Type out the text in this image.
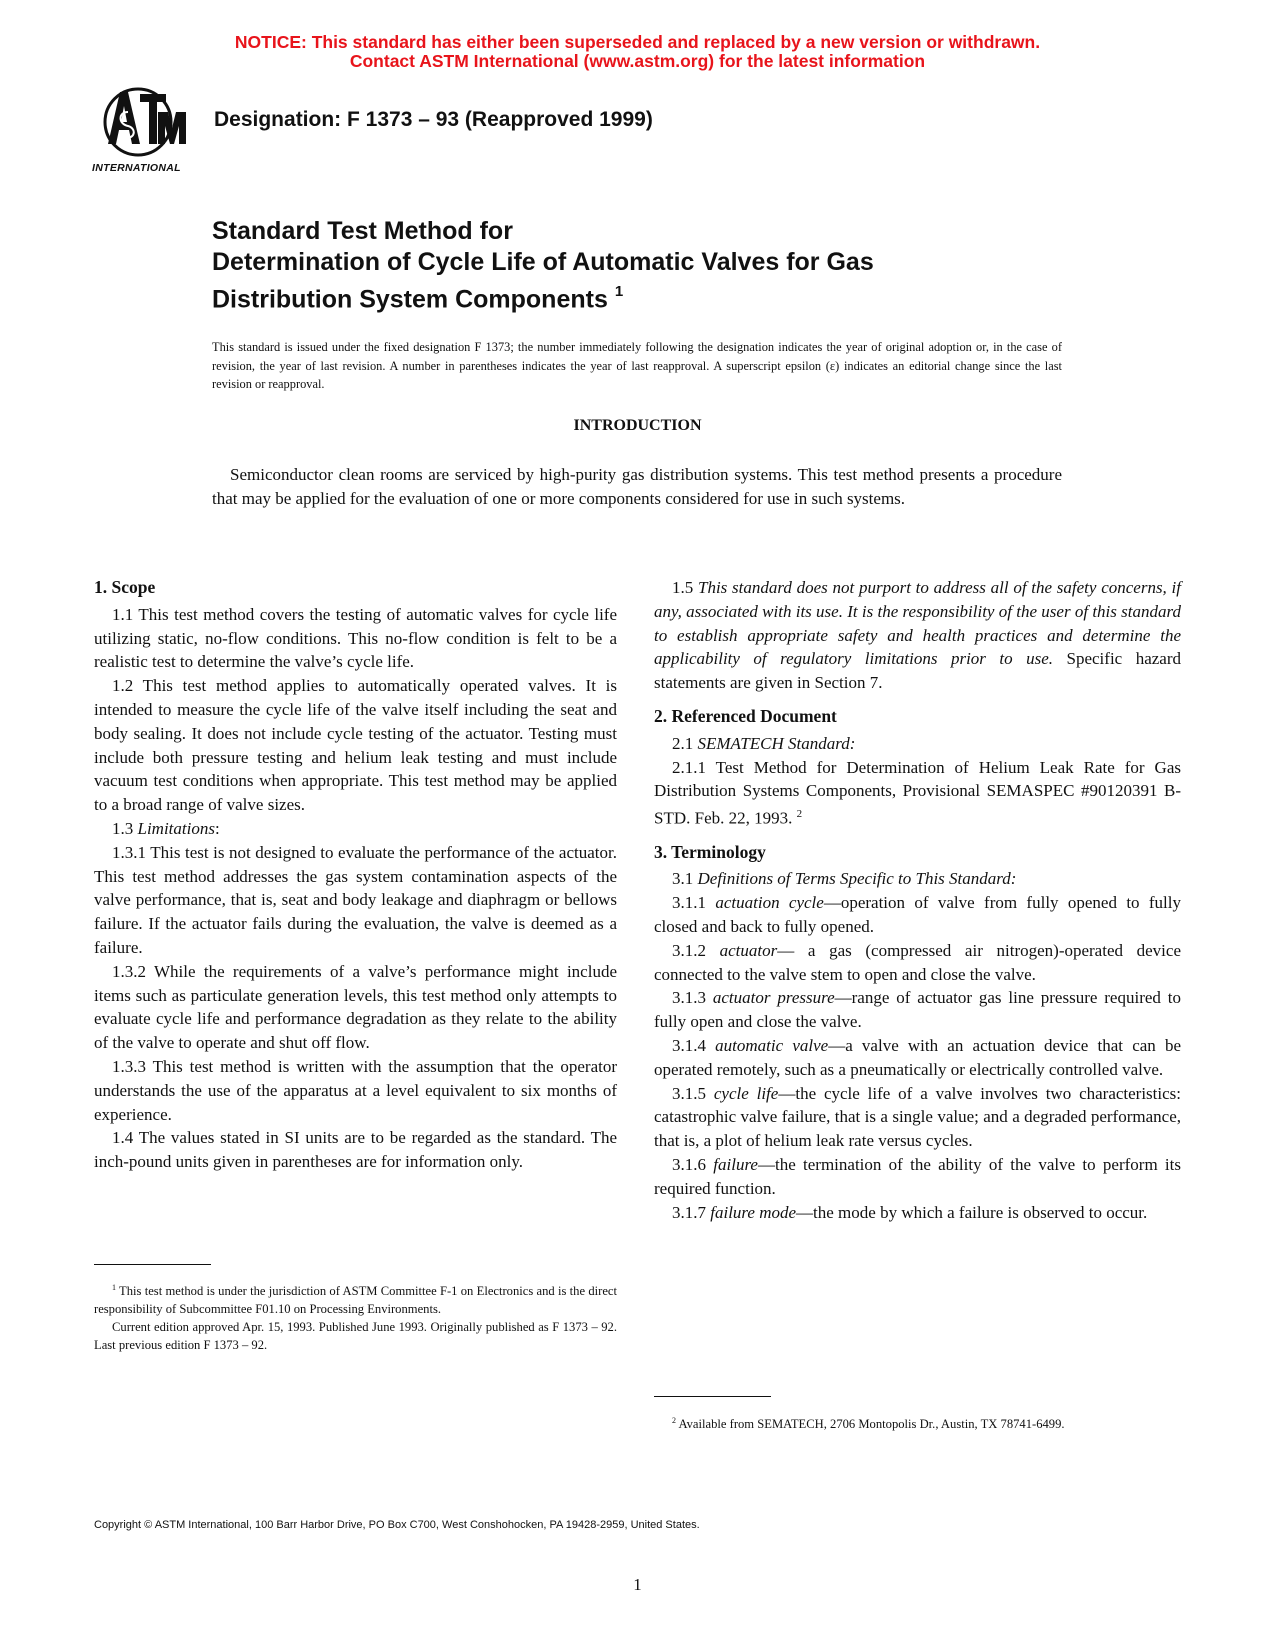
NOTICE: This standard has either been superseded and replaced by a new version or withdrawn.
Contact ASTM International (www.astm.org) for the latest information
INTERNATIONAL
Designation: F 1373 – 93 (Reapproved 1999)
Standard Test Method for
Determination of Cycle Life of Automatic Valves for Gas
Distribution System Components $^1$
This standard is issued under the fixed designation F 1373; the number immediately following the designation indicates the year of original adoption or, in the case of revision, the year of last revision. A number in parentheses indicates the year of last reapproval. A superscript epsilon (ε) indicates an editorial change since the last revision or reapproval.
INTRODUCTION
Semiconductor clean rooms are serviced by high-purity gas distribution systems. This test method presents a procedure that may be applied for the evaluation of one or more components considered for use in such systems.
1. Scope

1.1 This test method covers the testing of automatic valves for cycle life utilizing static, no-flow conditions. This no-flow condition is felt to be a realistic test to determine the valve’s cycle life.

1.2 This test method applies to automatically operated valves. It is intended to measure the cycle life of the valve itself including the seat and body sealing. It does not include cycle testing of the actuator. Testing must include both pressure testing and helium leak testing and must include vacuum test conditions when appropriate. This test method may be applied to a broad range of valve sizes.

1.3 Limitations:

1.3.1 This test is not designed to evaluate the performance of the actuator. This test method addresses the gas system contamination aspects of the valve performance, that is, seat and body leakage and diaphragm or bellows failure. If the actuator fails during the evaluation, the valve is deemed as a failure.

1.3.2 While the requirements of a valve’s performance might include items such as particulate generation levels, this test method only attempts to evaluate cycle life and performance degradation as they relate to the ability of the valve to operate and shut off flow.

1.3.3 This test method is written with the assumption that the operator understands the use of the apparatus at a level equivalent to six months of experience.

1.4 The values stated in SI units are to be regarded as the standard. The inch-pound units given in parentheses are for information only.

$^1$ This test method is under the jurisdiction of ASTM Committee F-1 on Electronics and is the direct responsibility of Subcommittee F01.10 on Processing Environments.

Current edition approved Apr. 15, 1993. Published June 1993. Originally published as F 1373 – 92. Last previous edition F 1373 – 92.

1.5 This standard does not purport to address all of the safety concerns, if any, associated with its use. It is the responsibility of the user of this standard to establish appropriate safety and health practices and determine the applicability of regulatory limitations prior to use. Specific hazard statements are given in Section 7.

2. Referenced Document

2.1 SEMATECH Standard:

2.1.1 Test Method for Determination of Helium Leak Rate for Gas Distribution Systems Components, Provisional SEMASPEC #90120391 B-STD. Feb. 22, 1993. $^2$

3. Terminology

3.1 Definitions of Terms Specific to This Standard:

3.1.1 actuation cycle—operation of valve from fully opened to fully closed and back to fully opened.

3.1.2 actuator— a gas (compressed air nitrogen)-operated device connected to the valve stem to open and close the valve.

3.1.3 actuator pressure—range of actuator gas line pressure required to fully open and close the valve.

3.1.4 automatic valve—a valve with an actuation device that can be operated remotely, such as a pneumatically or electrically controlled valve.

3.1.5 cycle life—the cycle life of a valve involves two characteristics: catastrophic valve failure, that is a single value; and a degraded performance, that is, a plot of helium leak rate versus cycles.

3.1.6 failure—the termination of the ability of the valve to perform its required function.

3.1.7 failure mode—the mode by which a failure is observed to occur.

$^2$ Available from SEMATECH, 2706 Montopolis Dr., Austin, TX 78741-6499.

Copyright © ASTM International, 100 Barr Harbor Drive, PO Box C700, West Conshohocken, PA 19428-2959, United States.
1
